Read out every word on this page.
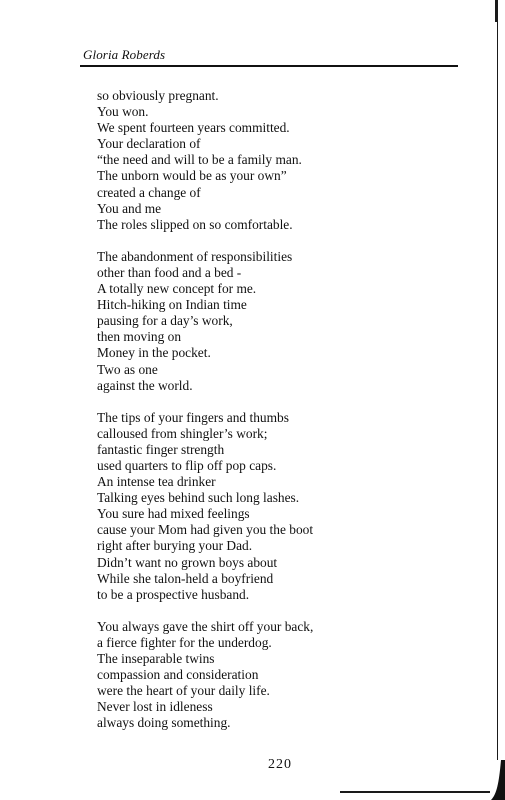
Gloria Roberds
so obviously pregnant.
You won.
We spent fourteen years committed.
Your declaration of
“the need and will to be a family man.
The unborn would be as your own”
created a change of
You and me
The roles slipped on so comfortable.
The abandonment of responsibilities
other than food and a bed -
A totally new concept for me.
Hitch-hiking on Indian time
pausing for a day’s work,
then moving on
Money in the pocket.
Two as one
against the world.
The tips of your fingers and thumbs
calloused from shingler’s work;
fantastic finger strength
used quarters to flip off pop caps.
An intense tea drinker
Talking eyes behind such long lashes.
You sure had mixed feelings
cause your Mom had given you the boot
right after burying your Dad.
Didn’t want no grown boys about
While she talon-held a boyfriend
to be a prospective husband.
You always gave the shirt off your back,
a fierce fighter for the underdog.
The inseparable twins
compassion and consideration
were the heart of your daily life.
Never lost in idleness
always doing something.
220
